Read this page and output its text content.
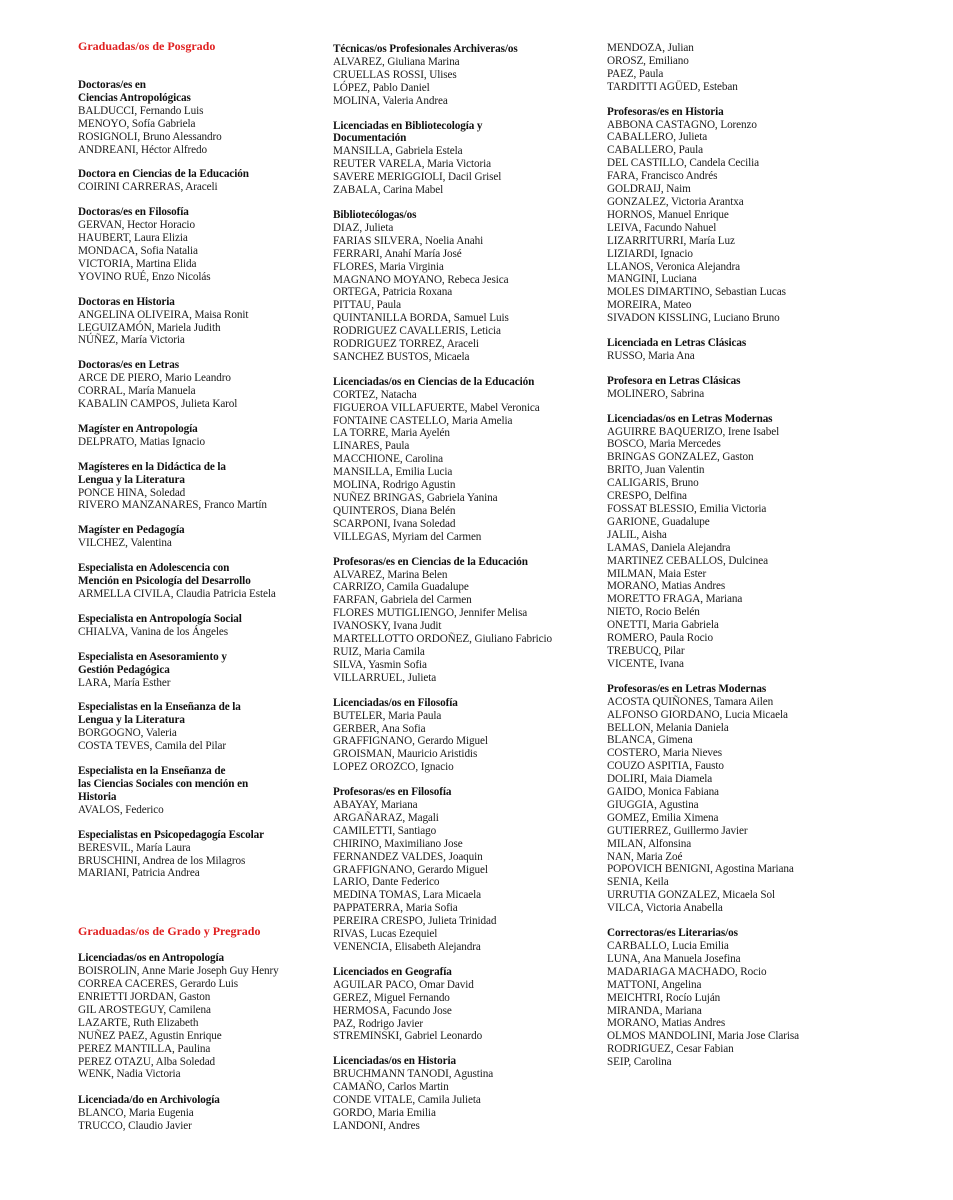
Graduadas/os de Posgrado
Doctoras/es en
Ciencias Antropológicas
BALDUCCI, Fernando Luis
MENOYO, Sofía Gabriela
ROSIGNOLI, Bruno Alessandro
ANDREANI, Héctor Alfredo
Doctora en Ciencias de la Educación
COIRINI CARRERAS, Araceli
Doctoras/es en Filosofía
GERVAN, Hector Horacio
HAUBERT, Laura Elizia
MONDACA, Sofia Natalia
VICTORIA, Martina Elida
YOVINO RUÉ, Enzo Nicolás
Doctoras en Historia
ANGELINA OLIVEIRA, Maisa Ronit
LEGUIZAMÓN, Mariela Judith
NÚÑEZ, María Victoria
Doctoras/es en Letras
ARCE DE PIERO, Mario Leandro
CORRAL, María Manuela
KABALIN CAMPOS, Julieta Karol
Magíster en Antropología
DELPRATO, Matias Ignacio
Magísteres en la Didáctica de la
Lengua y la Literatura
PONCE HINA, Soledad
RIVERO MANZANARES, Franco Martín
Magíster en Pedagogía
VILCHEZ, Valentina
Especialista en Adolescencia con
Mención en Psicología del Desarrollo
ARMELLA CIVILA, Claudia Patricia Estela
Especialista en Antropología Social
CHIALVA, Vanina de los Ángeles
Especialista en Asesoramiento y
Gestión Pedagógica
LARA, María Esther
Especialistas en la Enseñanza de la
Lengua y la Literatura
BORGOGNO, Valeria
COSTA TEVES, Camila del Pilar
Especialista en la Enseñanza de
las Ciencias Sociales con mención en
Historia
AVALOS, Federico
Especialistas en Psicopedagogía Escolar
BERESVIL, María Laura
BRUSCHINI, Andrea de los Milagros
MARIANI, Patricia Andrea
Graduadas/os de Grado y Pregrado
Licenciadas/os en Antropología
BOISROLIN, Anne Marie Joseph Guy Henry
CORREA CACERES, Gerardo Luis
ENRIETTI JORDAN, Gaston
GIL AROSTEGUY, Camilena
LAZARTE, Ruth Elizabeth
NUÑEZ PAEZ, Agustin Enrique
PEREZ MANTILLA, Paulina
PEREZ OTAZU, Alba Soledad
WENK, Nadia Victoria
Licenciada/do en Archivología
BLANCO, Maria Eugenia
TRUCCO, Claudio Javier
Técnicas/os Profesionales Archiveras/os
ALVAREZ, Giuliana Marina
CRUELLAS ROSSI, Ulises
LÓPEZ, Pablo Daniel
MOLINA, Valeria Andrea
Licenciadas en Bibliotecología y
Documentación
MANSILLA, Gabriela Estela
REUTER VARELA, Maria Victoria
SAVERE MERIGGIOLI, Dacil Grisel
ZABALA, Carina Mabel
Bibliotecólogas/os
DIAZ, Julieta
FARIAS SILVERA, Noelia Anahi
FERRARI, Anahí María José
FLORES, Maria Virginia
MAGNANO MOYANO, Rebeca Jesica
ORTEGA, Patricia Roxana
PITTAU, Paula
QUINTANILLA BORDA, Samuel Luis
RODRIGUEZ CAVALLERIS, Leticia
RODRIGUEZ TORREZ, Araceli
SANCHEZ BUSTOS, Micaela
Licenciadas/os en Ciencias de la Educación
CORTEZ, Natacha
FIGUEROA VILLAFUERTE, Mabel Veronica
FONTAINE CASTELLO, Maria Amelia
LA TORRE, Maria Ayelén
LINARES, Paula
MACCHIONE, Carolina
MANSILLA, Emilia Lucia
MOLINA, Rodrigo Agustin
NUÑEZ BRINGAS, Gabriela Yanina
QUINTEROS, Diana Belén
SCARPONI, Ivana Soledad
VILLEGAS, Myriam del Carmen
Profesoras/es en Ciencias de la Educación
ALVAREZ, Marina Belen
CARRIZO, Camila Guadalupe
FARFAN, Gabriela del Carmen
FLORES MUTIGLIENGO, Jennifer Melisa
IVANOSKY, Ivana Judit
MARTELLOTTO ORDOÑEZ, Giuliano Fabricio
RUIZ, Maria Camila
SILVA, Yasmin Sofia
VILLARRUEL, Julieta
Licenciadas/os en Filosofía
BUTELER, Maria Paula
GERBER, Ana Sofia
GRAFFIGNANO, Gerardo Miguel
GROISMAN, Mauricio Aristidis
LOPEZ OROZCO, Ignacio
Profesoras/es en Filosofía
ABAYAY, Mariana
ARGAÑARAZ, Magali
CAMILETTI, Santiago
CHIRINO, Maximiliano Jose
FERNANDEZ VALDES, Joaquin
GRAFFIGNANO, Gerardo Miguel
LARIO, Dante Federico
MEDINA TOMAS, Lara Micaela
PAPPATERRA, Maria Sofia
PEREIRA CRESPO, Julieta Trinidad
RIVAS, Lucas Ezequiel
VENENCIA, Elisabeth Alejandra
Licenciados en Geografía
AGUILAR PACO, Omar David
GEREZ, Miguel Fernando
HERMOSA, Facundo Jose
PAZ, Rodrigo Javier
STREMINSKI, Gabriel Leonardo
Licenciadas/os en Historia
BRUCHMANN TANODI, Agustina
CAMAÑO, Carlos Martin
CONDE VITALE, Camila Julieta
GORDO, Maria Emilia
LANDONI, Andres
MENDOZA, Julian
OROSZ, Emiliano
PAEZ, Paula
TARDITTI AGÜED, Esteban
Profesoras/es en Historia
ABBONA CASTAGNO, Lorenzo
CABALLERO, Julieta
CABALLERO, Paula
DEL CASTILLO, Candela Cecilia
FARA, Francisco Andrés
GOLDRAIJ, Naim
GONZALEZ, Victoria Arantxa
HORNOS, Manuel Enrique
LEIVA, Facundo Nahuel
LIZARRITURRI, María Luz
LIZIARDI, Ignacio
LLANOS, Veronica Alejandra
MANGINI, Luciana
MOLES DIMARTINO, Sebastian Lucas
MOREIRA, Mateo
SIVADON KISSLING, Luciano Bruno
Licenciada en Letras Clásicas
RUSSO, Maria Ana
Profesora en Letras Clásicas
MOLINERO, Sabrina
Licenciadas/os en Letras Modernas
AGUIRRE BAQUERIZO, Irene Isabel
BOSCO, Maria Mercedes
BRINGAS GONZALEZ, Gaston
BRITO, Juan Valentin
CALIGARIS, Bruno
CRESPO, Delfina
FOSSAT BLESSIO, Emilia Victoria
GARIONE, Guadalupe
JALIL, Aisha
LAMAS, Daniela Alejandra
MARTINEZ CEBALLOS, Dulcinea
MILMAN, Maia Ester
MORANO, Matias Andres
MORETTO FRAGA, Mariana
NIETO, Rocio Belén
ONETTI, Maria Gabriela
ROMERO, Paula Rocio
TREBUCQ, Pilar
VICENTE, Ivana
Profesoras/es en Letras Modernas
ACOSTA QUIÑONES, Tamara Ailen
ALFONSO GIORDANO, Lucia Micaela
BELLON, Melania Daniela
BLANCA, Gimena
COSTERO, Maria Nieves
COUZO ASPITIA, Fausto
DOLIRI, Maia Diamela
GAIDO, Monica Fabiana
GIUGGIA, Agustina
GOMEZ, Emilia Ximena
GUTIERREZ, Guillermo Javier
MILAN, Alfonsina
NAN, Maria Zoé
POPOVICH BENIGNI, Agostina Mariana
SENIA, Keila
URRUTIA GONZALEZ, Micaela Sol
VILCA, Victoria Anabella
Correctoras/es Literarias/os
CARBALLO, Lucia Emilia
LUNA, Ana Manuela Josefina
MADARIAGA MACHADO, Rocio
MATTONI, Angelina
MEICHTRI, Rocío Luján
MIRANDA, Mariana
MORANO, Matias Andres
OLMOS MANDOLINI, Maria Jose Clarisa
RODRIGUEZ, Cesar Fabian
SEIP, Carolina
